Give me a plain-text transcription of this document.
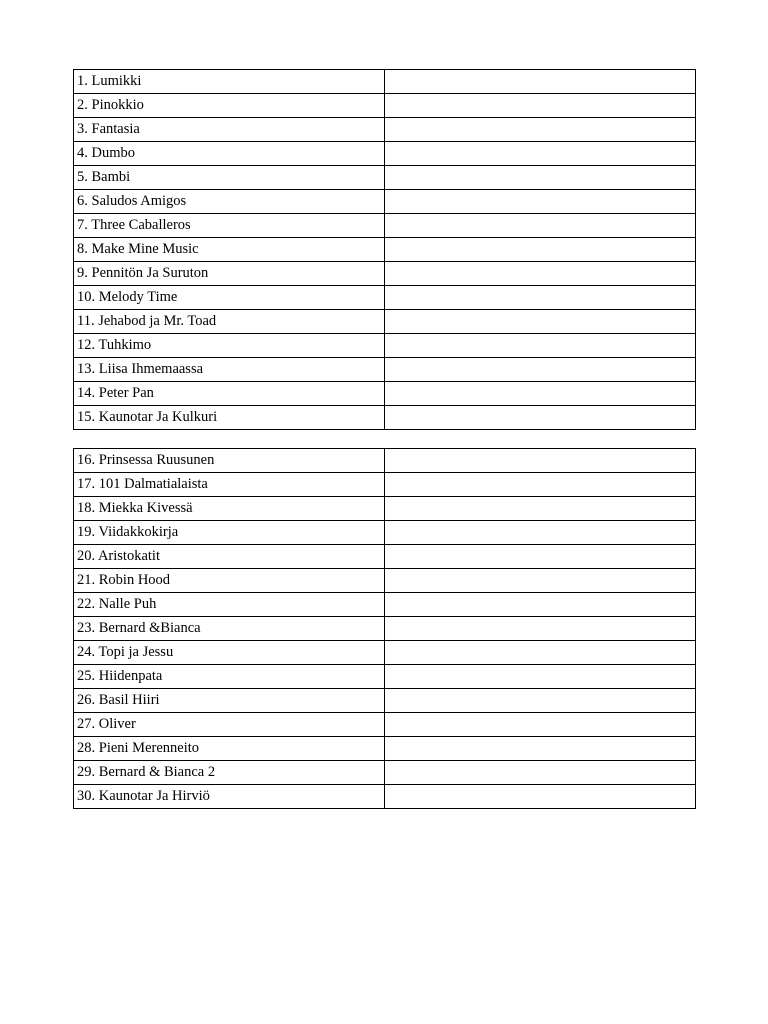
1. Lumikki	
2. Pinokkio	
3. Fantasia	
4. Dumbo	
5. Bambi	
6. Saludos Amigos	
7. Three Caballeros	
8. Make Mine Music	
9. Pennitön Ja Suruton	
10. Melody Time	
11. Jehabod ja Mr. Toad	
12. Tuhkimo	
13. Liisa Ihmemaassa	
14. Peter Pan	
15. Kaunotar Ja Kulkuri	
16. Prinsessa Ruusunen	
17. 101 Dalmatialaista	
18. Miekka Kivessä	
19. Viidakkokirja	
20. Aristokatit	
21. Robin Hood	
22. Nalle Puh	
23. Bernard &Bianca	
24. Topi ja Jessu	
25. Hiidenpata	
26. Basil Hiiri	
27. Oliver	
28. Pieni Merenneito	
29. Bernard & Bianca 2	
30. Kaunotar Ja Hirviö	
